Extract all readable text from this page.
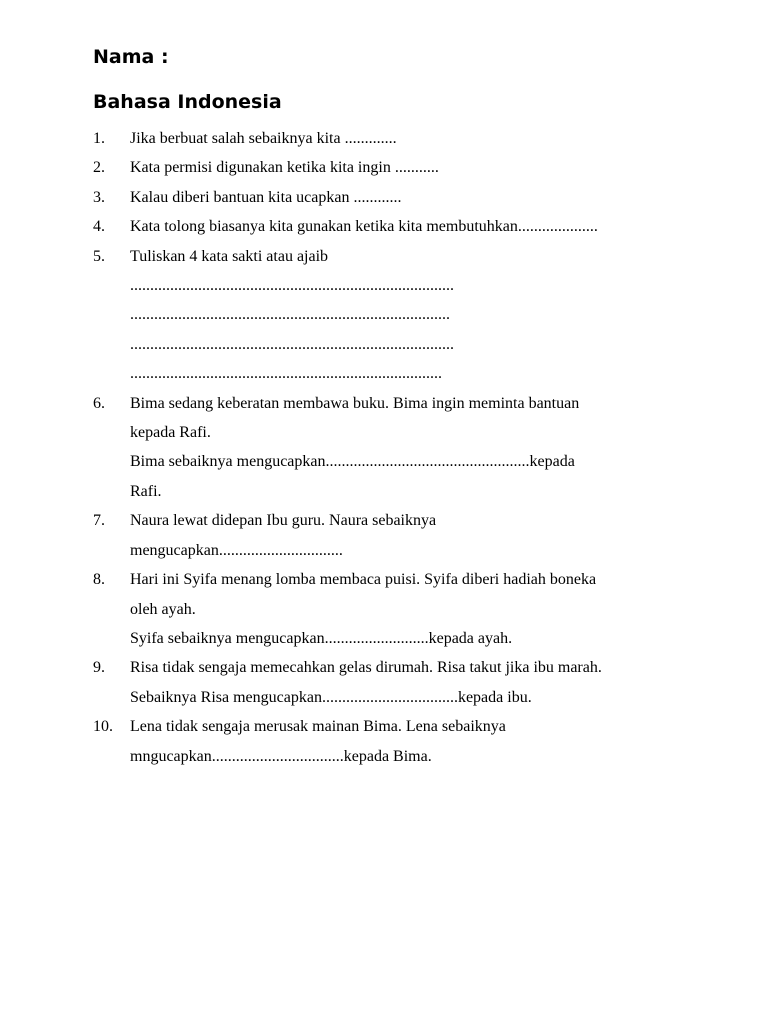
Nama :
Bahasa Indonesia
1.	Jika berbuat salah sebaiknya kita .............
2.	Kata permisi digunakan ketika kita ingin ...........
3.	Kalau diberi bantuan kita ucapkan ............
4.	Kata tolong biasanya kita gunakan ketika kita membutuhkan....................
5.	Tuliskan 4 kata sakti atau ajaib
.................................................................................
................................................................................
.................................................................................
..............................................................................
6.	Bima sedang keberatan membawa buku. Bima ingin meminta bantuan
kepada Rafi.
Bima sebaiknya mengucapkan...................................................kepada
Rafi.
7.	Naura lewat didepan Ibu guru. Naura sebaiknya
mengucapkan...............................
8.	Hari ini Syifa menang lomba membaca puisi. Syifa diberi hadiah boneka
oleh ayah.
Syifa sebaiknya mengucapkan..........................kepada ayah.
9.	Risa tidak sengaja memecahkan gelas dirumah. Risa takut jika ibu marah.
Sebaiknya Risa mengucapkan..................................kepada ibu.
10.	Lena tidak sengaja merusak mainan Bima. Lena sebaiknya
mngucapkan.................................kepada Bima.
